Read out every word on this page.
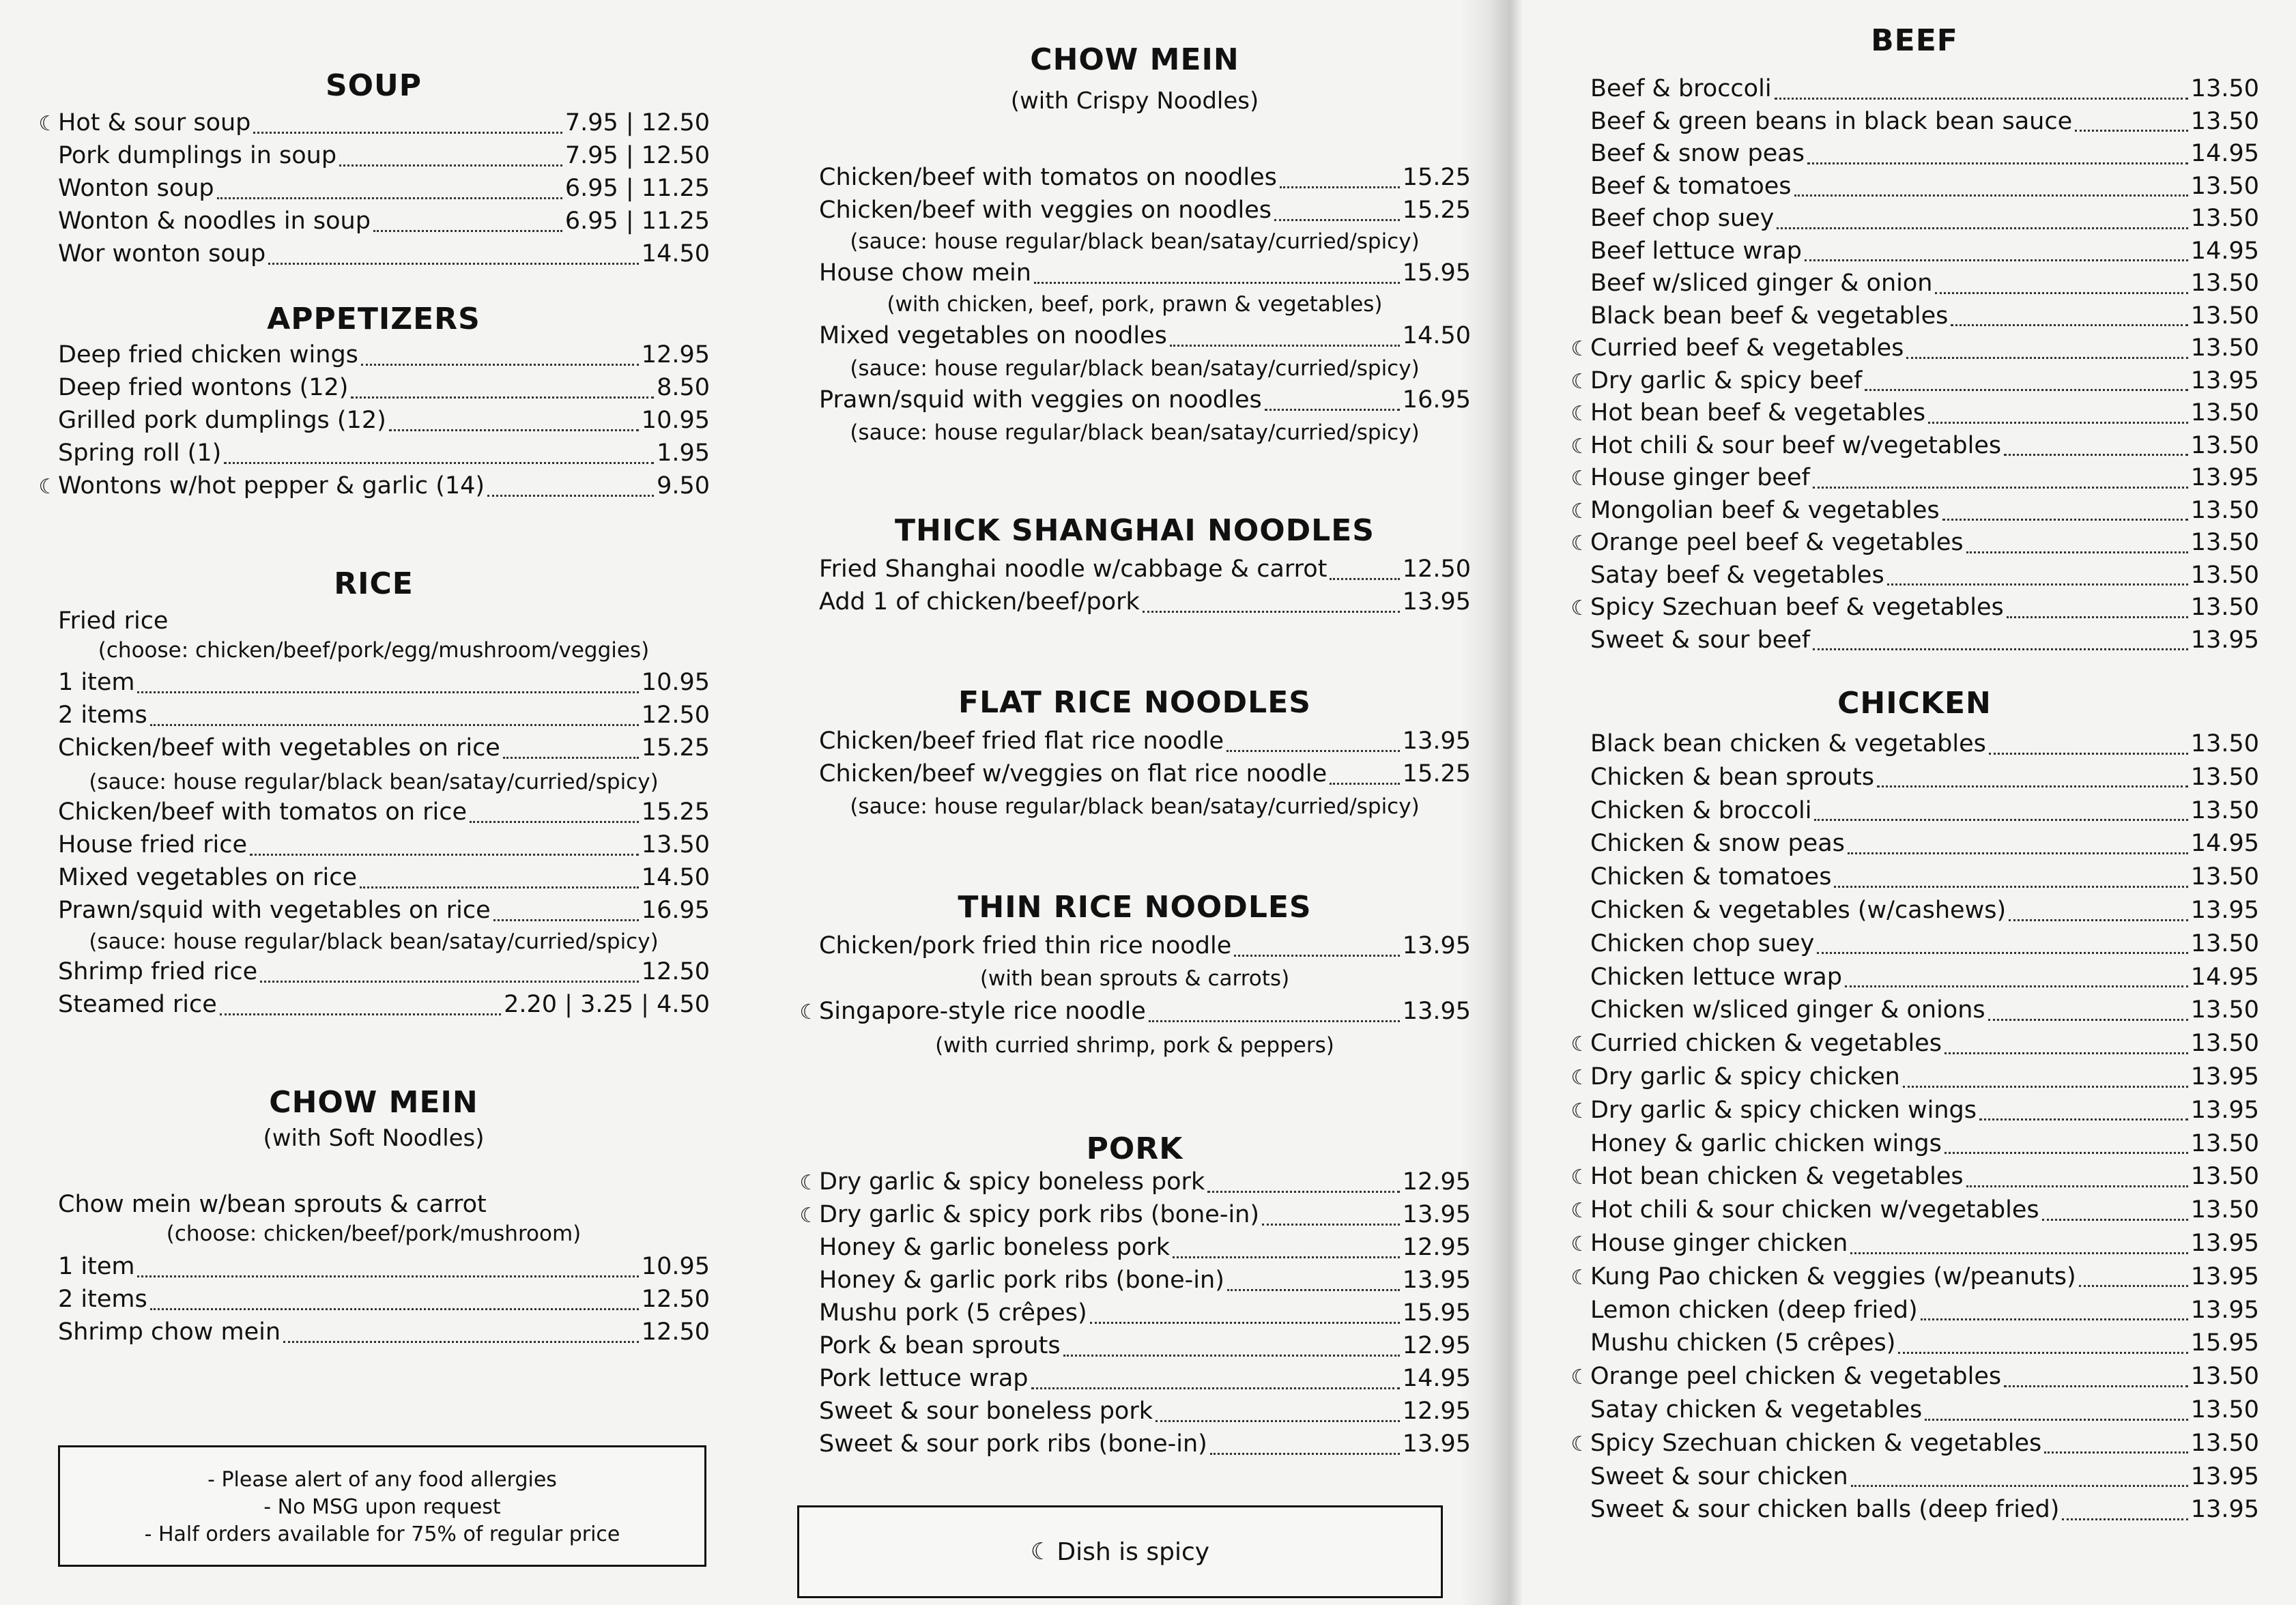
SOUP
APPETIZERS
RICE
Fried rice
(choose: chicken/beef/pork/egg/mushroom/veggies)
1 item	10.95
2 items	12.50
Chicken/beef with vegetables on rice	15.25
(sauce: house regular/black bean/satay/curried/spicy)
(sauce: house regular/black bean/satay/curried/spicy)
Shrimp fried rice	12.50
Steamed rice	2.20 | 3.25 | 4.50
CHOW MEIN
(with Soft Noodles)
Chow mein w/bean sprouts & carrot
(choose: chicken/beef/pork/mushroom)
- Please alert of any food allergies
- No MSG upon request
- Half orders available for 75% of regular price
☾ Hot & sour soup	7.95 | 12.50
Pork dumplings in soup	7.95 | 12.50
Wonton soup	6.95 | 11.25
Wonton & noodles in soup	6.95 | 11.25
Wor wonton soup	14.50
Deep fried chicken wings	12.95
Deep fried wontons (12)	8.50
Grilled pork dumplings (12)	10.95
Spring roll (1)	1.95
☾ Wontons w/hot pepper & garlic (14)	9.50
Chicken/beef with tomatos on rice	15.25
House fried rice	13.50
Mixed vegetables on rice	14.50
Prawn/squid with vegetables on rice	16.95
1 item	10.95
2 items	12.50
Shrimp chow mein	12.50
CHOW MEIN
(with Crispy Noodles)
Chicken/beef with tomatos on noodles	15.25
Chicken/beef with veggies on noodles	15.25
(sauce: house regular/black bean/satay/curried/spicy)
House chow mein	15.95
(with chicken, beef, pork, prawn & vegetables)
Mixed vegetables on noodles	14.50
(sauce: house regular/black bean/satay/curried/spicy)
Prawn/squid with veggies on noodles	16.95
(sauce: house regular/black bean/satay/curried/spicy)
THICK SHANGHAI NOODLES
FLAT RICE NOODLES
(sauce: house regular/black bean/satay/curried/spicy)
THIN RICE NOODLES
Chicken/pork fried thin rice noodle	13.95
(with bean sprouts & carrots)
☾ Singapore-style rice noodle	13.95
(with curried shrimp, pork & peppers)
PORK
☾ Dish is spicy
Fried Shanghai noodle w/cabbage & carrot	12.50
Add 1 of chicken/beef/pork	13.95
Chicken/beef fried flat rice noodle	13.95
Chicken/beef w/veggies on flat rice noodle	15.25
☾ Dry garlic & spicy boneless pork	12.95
☾ Dry garlic & spicy pork ribs (bone-in)	13.95
Honey & garlic boneless pork	12.95
Honey & garlic pork ribs (bone-in)	13.95
Mushu pork (5 crêpes)	15.95
Pork & bean sprouts	12.95
Pork lettuce wrap	14.95
Sweet & sour boneless pork	12.95
Sweet & sour pork ribs (bone-in)	13.95
BEEF
CHICKEN
Beef & broccoli	13.50
Beef & green beans in black bean sauce	13.50
Beef & snow peas	14.95
Beef & tomatoes	13.50
Beef chop suey	13.50
Beef lettuce wrap	14.95
Beef w/sliced ginger & onion	13.50
Black bean beef & vegetables	13.50
☾ Curried beef & vegetables	13.50
☾ Dry garlic & spicy beef	13.95
☾ Hot bean beef & vegetables	13.50
☾ Hot chili & sour beef w/vegetables	13.50
☾ House ginger beef	13.95
☾ Mongolian beef & vegetables	13.50
☾ Orange peel beef & vegetables	13.50
Satay beef & vegetables	13.50
☾ Spicy Szechuan beef & vegetables	13.50
Sweet & sour beef	13.95
Black bean chicken & vegetables	13.50
Chicken & bean sprouts	13.50
Chicken & broccoli	13.50
Chicken & snow peas	14.95
Chicken & tomatoes	13.50
Chicken & vegetables (w/cashews)	13.95
Chicken chop suey	13.50
Chicken lettuce wrap	14.95
Chicken w/sliced ginger & onions	13.50
☾ Curried chicken & vegetables	13.50
☾ Dry garlic & spicy chicken	13.95
☾ Dry garlic & spicy chicken wings	13.95
Honey & garlic chicken wings	13.50
☾ Hot bean chicken & vegetables	13.50
☾ Hot chili & sour chicken w/vegetables	13.50
☾ House ginger chicken	13.95
☾ Kung Pao chicken & veggies (w/peanuts)	13.95
Lemon chicken (deep fried)	13.95
Mushu chicken (5 crêpes)	15.95
☾ Orange peel chicken & vegetables	13.50
Satay chicken & vegetables	13.50
☾ Spicy Szechuan chicken & vegetables	13.50
Sweet & sour chicken	13.95
Sweet & sour chicken balls (deep fried)	13.95
